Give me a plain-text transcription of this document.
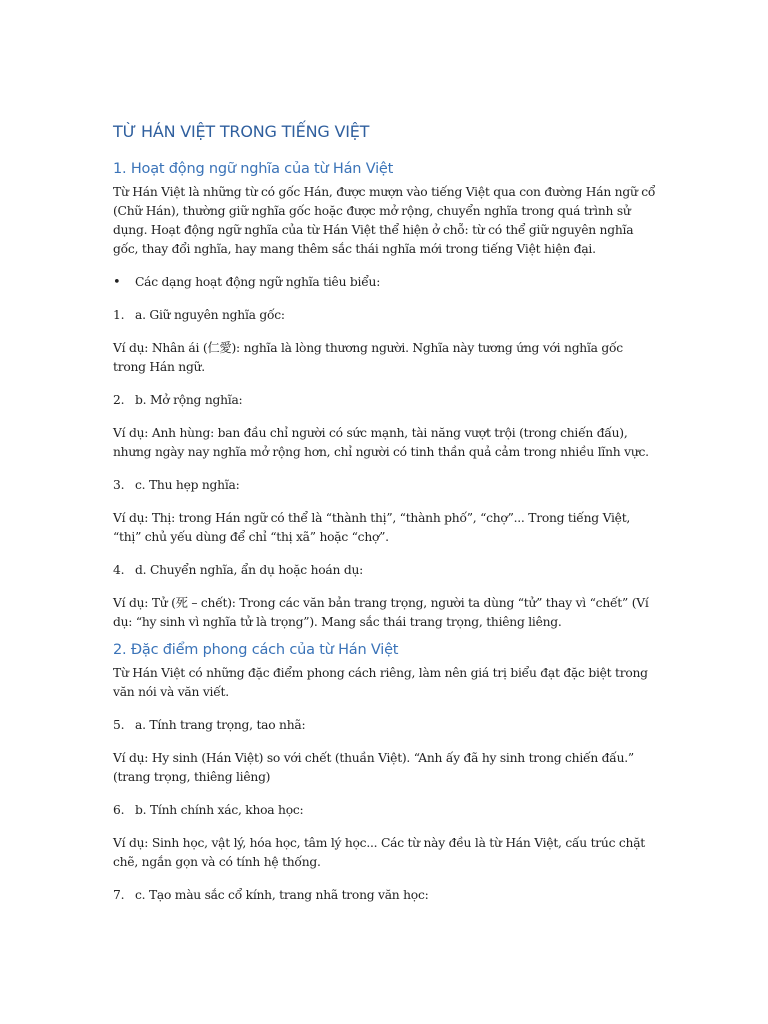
TỪ HÁN VIỆT TRONG TIẾNG VIỆT
1. Hoạt động ngữ nghĩa của từ Hán Việt

Từ Hán Việt là những từ có gốc Hán, được mượn vào tiếng Việt qua con đường Hán ngữ cổ (Chữ Hán), thường giữ nghĩa gốc hoặc được mở rộng, chuyển nghĩa trong quá trình sử dụng. Hoạt động ngữ nghĩa của từ Hán Việt thể hiện ở chỗ: từ có thể giữ nguyên nghĩa gốc, thay đổi nghĩa, hay mang thêm sắc thái nghĩa mới trong tiếng Việt hiện đại.

•	Các dạng hoạt động ngữ nghĩa tiêu biểu:
1. a. Giữ nguyên nghĩa gốc:

Ví dụ: Nhân ái (仁愛): nghĩa là lòng thương người. Nghĩa này tương ứng với nghĩa gốc trong Hán ngữ.

2. b. Mở rộng nghĩa:

Ví dụ: Anh hùng: ban đầu chỉ người có sức mạnh, tài năng vượt trội (trong chiến đấu), nhưng ngày nay nghĩa mở rộng hơn, chỉ người có tinh thần quả cảm trong nhiều lĩnh vực.

3. c. Thu hẹp nghĩa:

Ví dụ: Thị: trong Hán ngữ có thể là “thành thị”, “thành phố”, “chợ”... Trong tiếng Việt, “thị” chủ yếu dùng để chỉ “thị xã” hoặc “chợ”.

4. d. Chuyển nghĩa, ẩn dụ hoặc hoán dụ:

Ví dụ: Tử (死 – chết): Trong các văn bản trang trọng, người ta dùng “tử” thay vì “chết” (Ví dụ: “hy sinh vì nghĩa tử là trọng”). Mang sắc thái trang trọng, thiêng liêng.

2. Đặc điểm phong cách của từ Hán Việt

Từ Hán Việt có những đặc điểm phong cách riêng, làm nên giá trị biểu đạt đặc biệt trong văn nói và văn viết.

5. a. Tính trang trọng, tao nhã:

Ví dụ: Hy sinh (Hán Việt) so với chết (thuần Việt). “Anh ấy đã hy sinh trong chiến đấu.” (trang trọng, thiêng liêng)

6. b. Tính chính xác, khoa học:

Ví dụ: Sinh học, vật lý, hóa học, tâm lý học... Các từ này đều là từ Hán Việt, cấu trúc chặt chẽ, ngắn gọn và có tính hệ thống.

7. c. Tạo màu sắc cổ kính, trang nhã trong văn học:
